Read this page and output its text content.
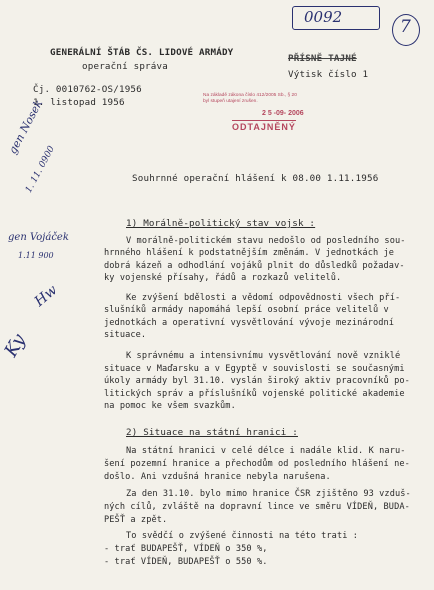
0092	7
GENERÁLNÍ ŠTÁB ČS. LIDOVÉ ARMÁDY
operační správa
Čj. 0010762-OS/1956
1. listopad 1956
PŘÍSNĚ TAJNÉ
Výtisk číslo 1
Na základě zákona číslo 412/2005 Sb., § 20
byl stupeň utajení zrušen.
2 5 -09- 2006
ODTAJNĚNÝ
gen Nosek
1. 11. 0900
gen Vojáček
1.11 900
Hw
Ky
Souhrnné operační hlášení k 08.00 1.11.1956
1) Morálně-politický stav vojsk :

V morálně-politickém stavu nedošlo od posledního sou-

hrnného hlášení k podstatnějším změnám. V jednotkách je

dobrá kázeň a odhodlání vojáků plnit do důsledků požadav-

ky vojenské přísahy, řádů a rozkazů velitelů.

Ke zvýšení bdělosti a vědomí odpovědnosti všech pří-

slušníků armády napomáhá lepší osobní práce velitelů v

jednotkách a operativní vysvětlování vývoje mezinárodní

situace.

K správnému a intensivnímu vysvětlování nově vzniklé

situace v Maďarsku a v Egyptě v souvislosti se současnými

úkoly armády byl 31.10. vyslán široký aktiv pracovníků po-

litických správ a příslušníků vojenské politické akademie

na pomoc ke všem svazkům.

2) Situace na státní hranici :

Na státní hranici v celé délce i nadále klid. K naru-

šení pozemní hranice a přechodům od posledního hlášení ne-

došlo. Ani vzdušná hranice nebyla narušena.

Za den 31.10. bylo mimo hranice ČSR zjištěno 93 vzduš-

ných cílů, zvláště na dopravní lince ve směru VÍDEŇ, BUDA-

PEŠŤ a zpět.

To svědčí o zvýšené činnosti na této trati :

- trať BUDAPEŠŤ, VÍDEŇ o 350 %,

- trať VÍDEŇ, BUDAPEŠŤ o 550 %.
